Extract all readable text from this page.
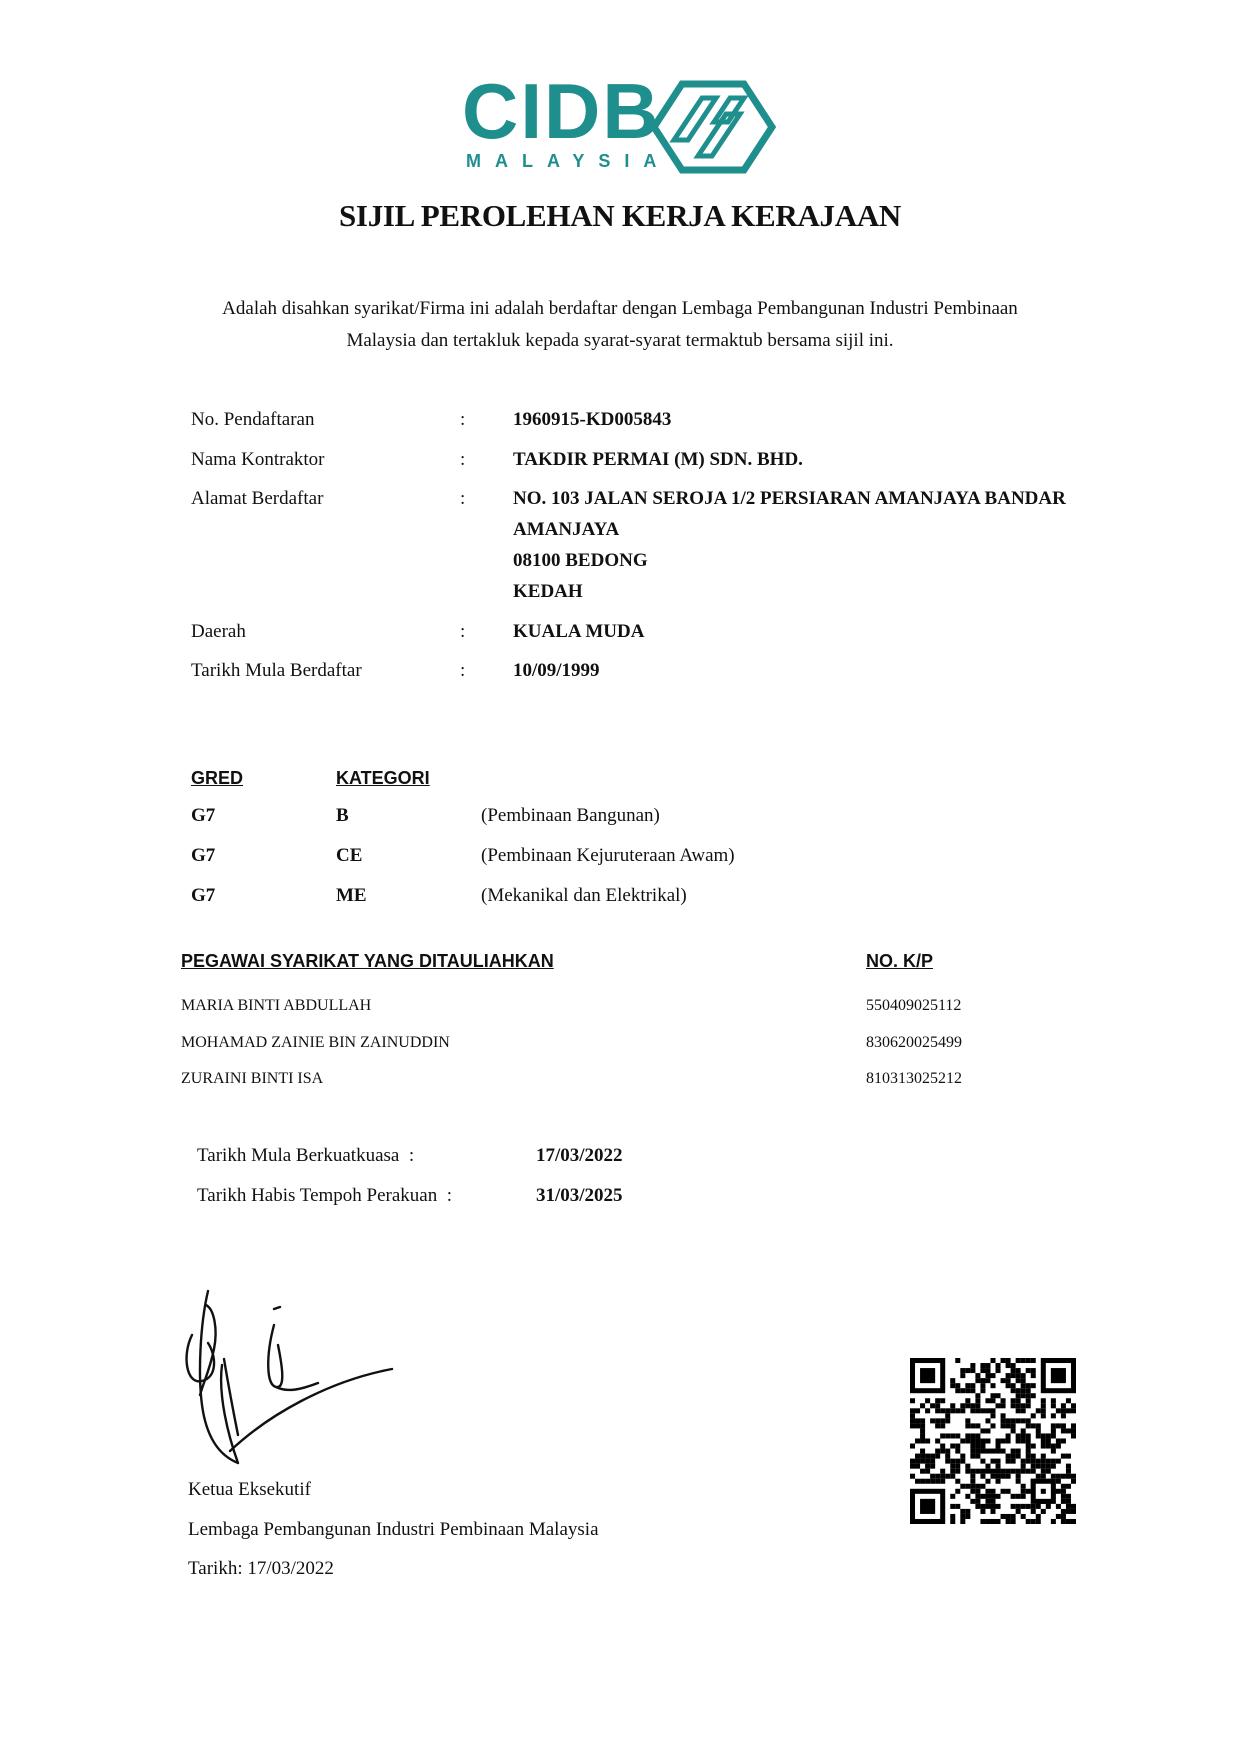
CIDB
MALAYSIA
SIJIL PEROLEHAN KERJA KERAJAAN
Adalah disahkan syarikat/Firma ini adalah berdaftar dengan Lembaga Pembangunan Industri Pembinaan
Malaysia dan tertakluk kepada syarat-syarat termaktub bersama sijil ini.
No. Pendaftaran	:	1960915-KD005843
Nama Kontraktor	:	TAKDIR PERMAI (M) SDN. BHD.
Alamat Berdaftar	:	NO. 103 JALAN SEROJA 1/2 PERSIARAN AMANJAYA BANDAR
AMANJAYA
08100 BEDONG
KEDAH
Daerah	:	KUALA MUDA
Tarikh Mula Berdaftar	:	10/09/1999
GRED	KATEGORI
G7	B	(Pembinaan Bangunan)
G7	CE	(Pembinaan Kejuruteraan Awam)
G7	ME	(Mekanikal dan Elektrikal)
PEGAWAI SYARIKAT YANG DITAULIAHKAN	NO. K/P
MARIA BINTI ABDULLAH	550409025112
MOHAMAD ZAINIE BIN ZAINUDDIN	830620025499
ZURAINI BINTI ISA	810313025212
Tarikh Mula Berkuatkuasa :	17/03/2022
Tarikh Habis Tempoh Perakuan :	31/03/2025
Ketua Eksekutif
Lembaga Pembangunan Industri Pembinaan Malaysia
Tarikh: 17/03/2022
